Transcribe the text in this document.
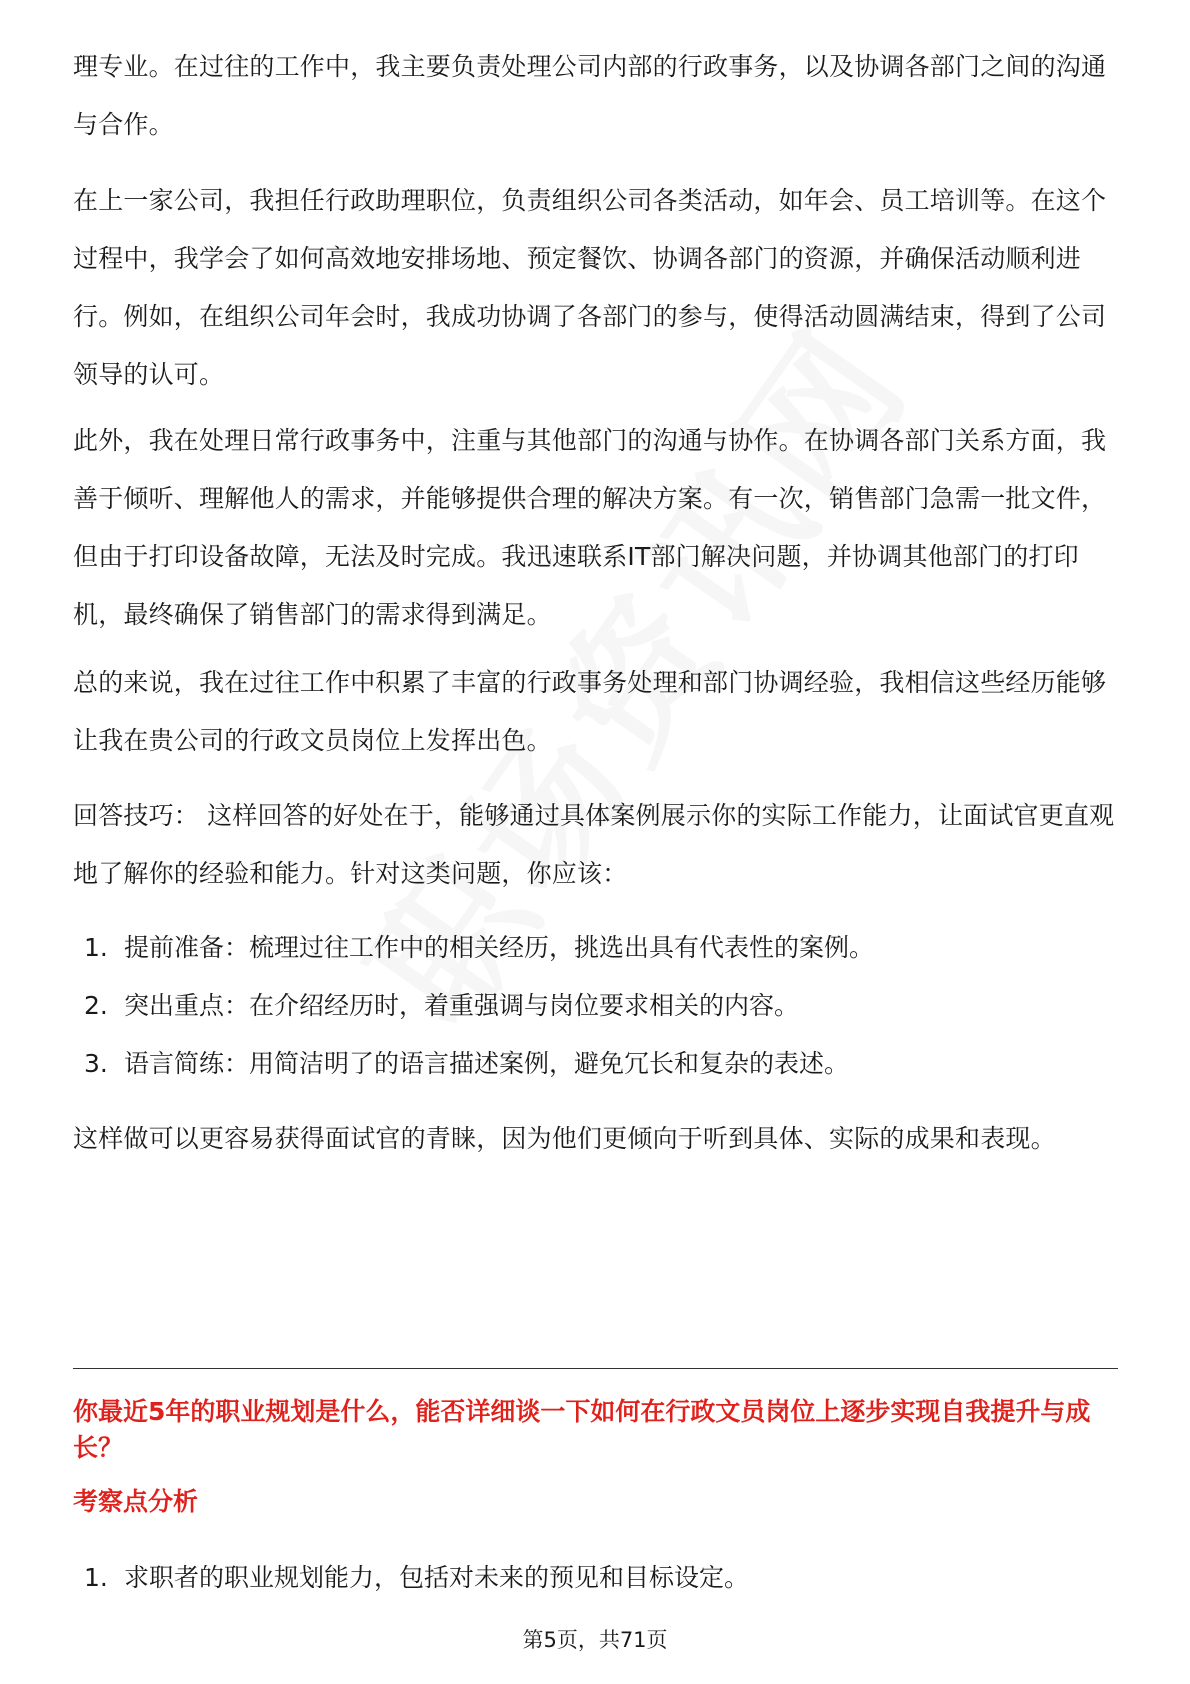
理专业。在过往的工作中，我主要负责处理公司内部的行政事务，以及协调各部门之间的沟通与合作。

在上一家公司，我担任行政助理职位，负责组织公司各类活动，如年会、员工培训等。在这个过程中，我学会了如何高效地安排场地、预定餐饮、协调各部门的资源，并确保活动顺利进行。例如，在组织公司年会时，我成功协调了各部门的参与，使得活动圆满结束，得到了公司领导的认可。

此外，我在处理日常行政事务中，注重与其他部门的沟通与协作。在协调各部门关系方面，我善于倾听、理解他人的需求，并能够提供合理的解决方案。有一次，销售部门急需一批文件，但由于打印设备故障，无法及时完成。我迅速联系IT部门解决问题，并协调其他部门的打印机，最终确保了销售部门的需求得到满足。

总的来说，我在过往工作中积累了丰富的行政事务处理和部门协调经验，我相信这些经历能够让我在贵公司的行政文员岗位上发挥出色。

回答技巧： 这样回答的好处在于，能够通过具体案例展示你的实际工作能力，让面试官更直观地了解你的经验和能力。针对这类问题，你应该：

1. 提前准备：梳理过往工作中的相关经历，挑选出具有代表性的案例。
2. 突出重点：在介绍经历时，着重强调与岗位要求相关的内容。
3. 语言简练：用简洁明了的语言描述案例，避免冗长和复杂的表述。

这样做可以更容易获得面试官的青睐，因为他们更倾向于听到具体、实际的成果和表现。

你最近5年的职业规划是什么，能否详细谈一下如何在行政文员岗位上逐步实现自我提升与成长？
考察点分析
1. 求职者的职业规划能力，包括对未来的预见和目标设定。
第5页，共71页
